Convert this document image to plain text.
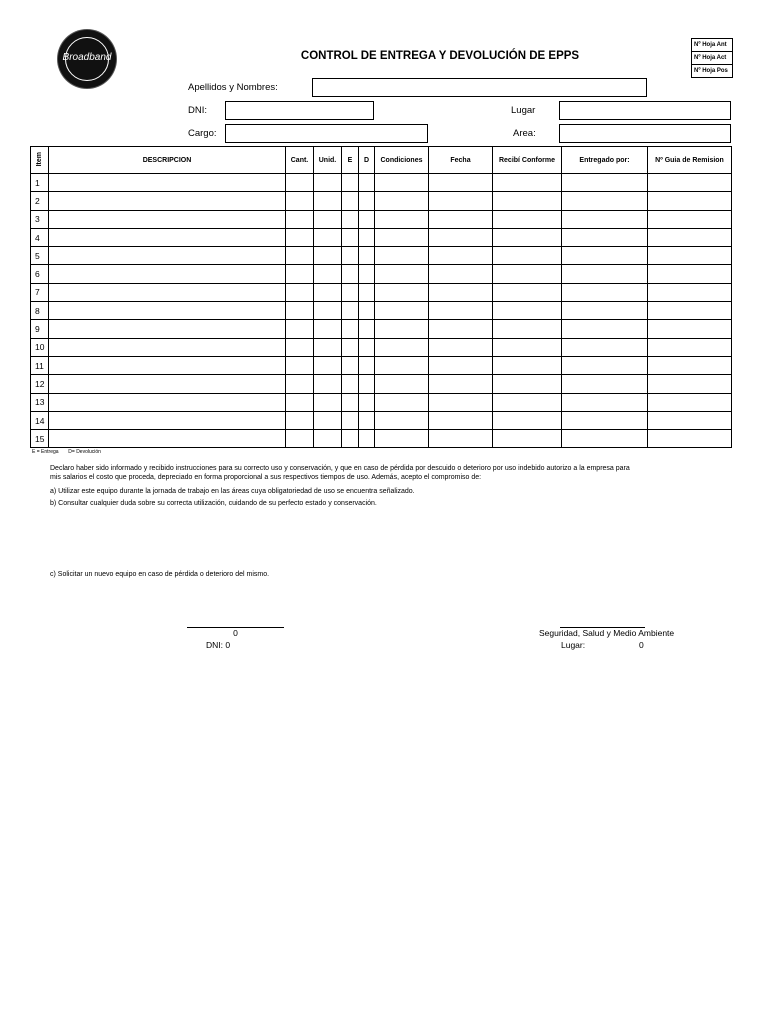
Broadband	CONTROL DE ENTREGA Y DEVOLUCIÓN DE EPPS
Nº Hoja Ant
Nº Hoja Act
Nº Hoja Pos
Apellidos y Nombres:
DNI:	Lugar
Cargo:	Area:
Item	DESCRIPCION	Cant.	Unid.	E	D	Condiciones	Fecha	Recibí Conforme	Entregado por:	Nº Guia de Remision
1										
2										
3										
4										
5										
6										
7										
8										
9										
10										
11										
12										
13										
14										
15										
E = Entrega D= Devolución
Declaro haber sido informado y recibido instrucciones para su correcto uso y conservación, y que en caso de pérdida por descuido o deterioro por uso indebido autorizo a la empresa para
mis salarios el costo que proceda, depreciado en forma proporcional a sus respectivos tiempos de uso. Además, acepto el compromiso de:
a) Utilizar este equipo durante la jornada de trabajo en las áreas cuya obligatoriedad de uso se encuentra señalizado.
b) Consultar cualquier duda sobre su correcta utilización, cuidando de su perfecto estado y conservación.
c) Solicitar un nuevo equipo en caso de pérdida o deterioro del mismo.
0
DNI: 0
Seguridad, Salud y Medio Ambiente
Lugar:	0
